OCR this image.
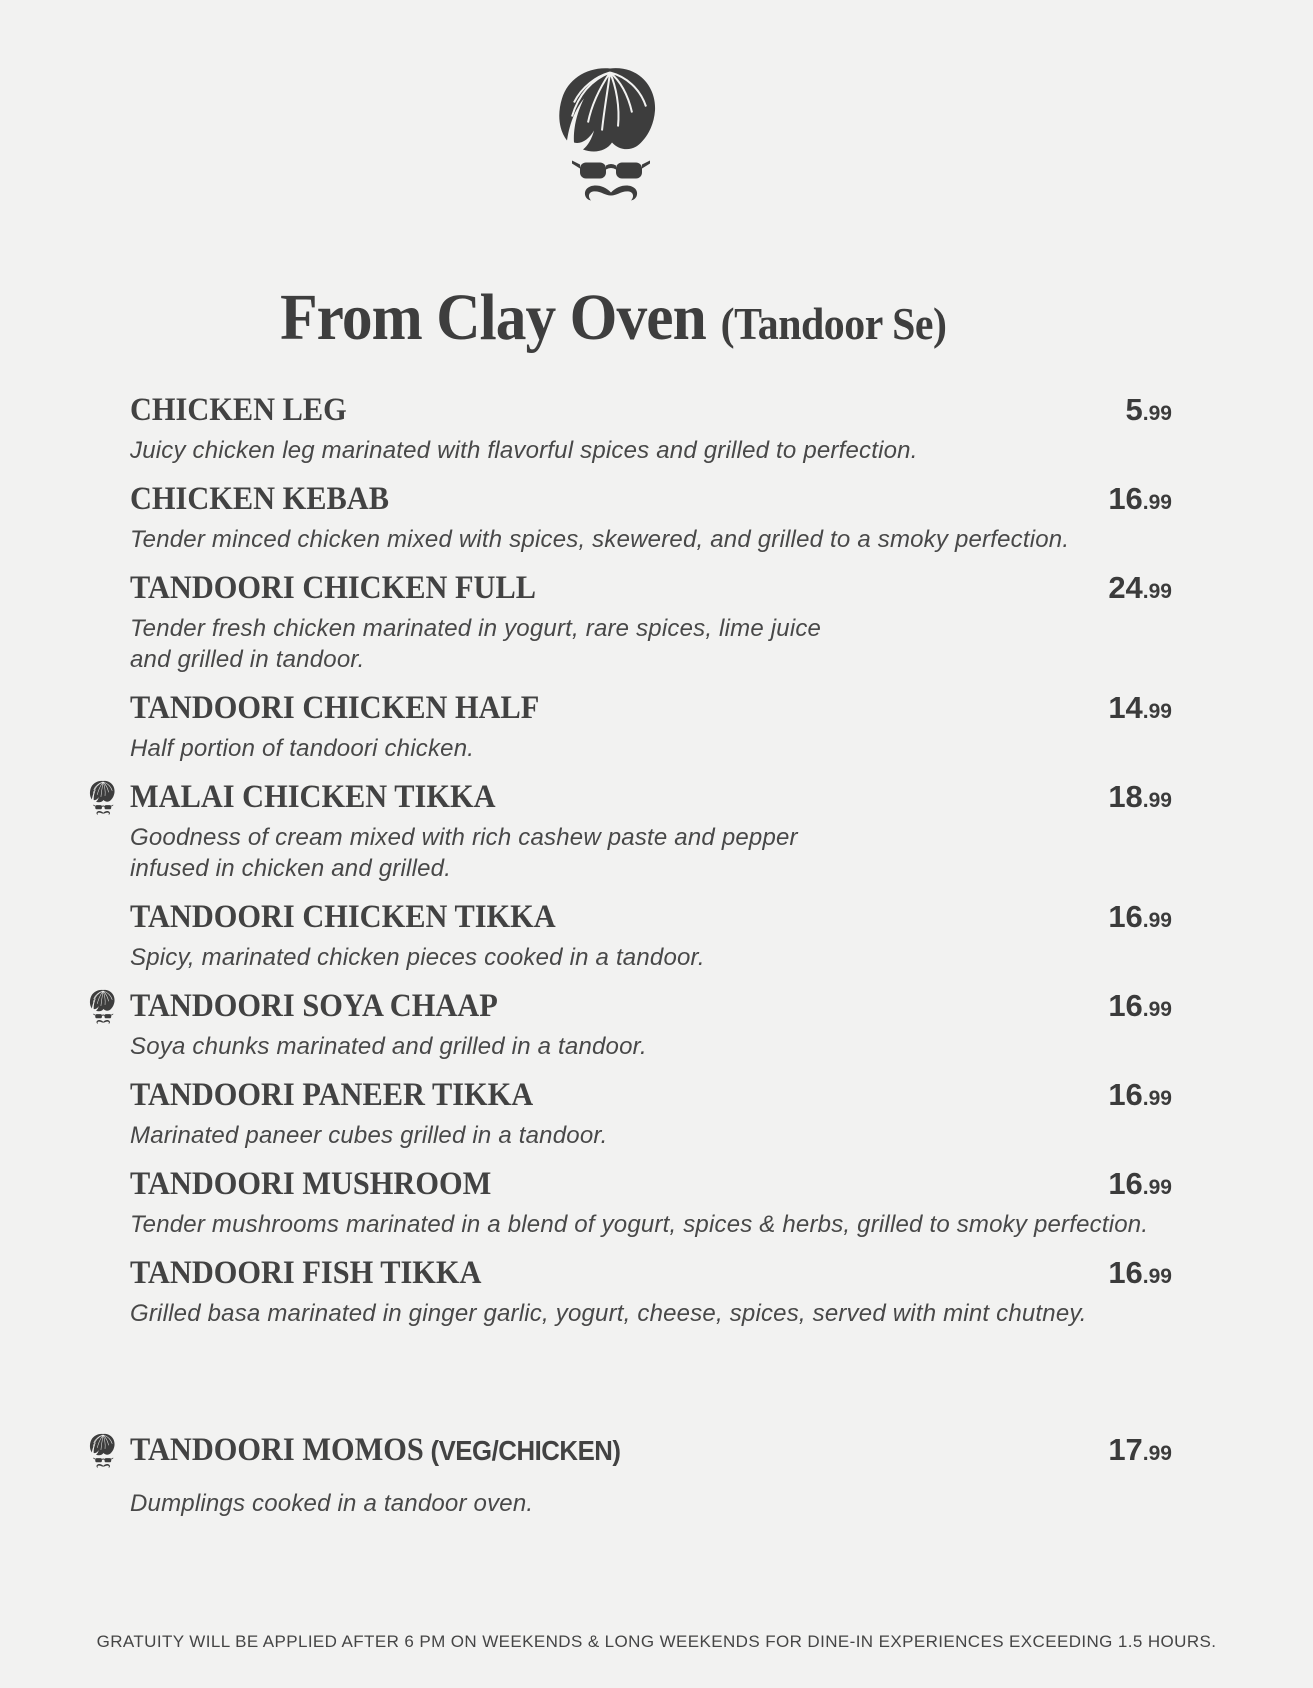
From Clay Oven (Tandoor Se)
CHICKEN LEG	5.99
Juicy chicken leg marinated with flavorful spices and grilled to perfection.
CHICKEN KEBAB	16.99
Tender minced chicken mixed with spices, skewered, and grilled to a smoky perfection.
TANDOORI CHICKEN FULL	24.99
Tender fresh chicken marinated in yogurt, rare spices, lime juice and grilled in tandoor.
TANDOORI CHICKEN HALF	14.99
Half portion of tandoori chicken.
MALAI CHICKEN TIKKA	18.99
Goodness of cream mixed with rich cashew paste and pepper infused in chicken and grilled.
TANDOORI CHICKEN TIKKA	16.99
Spicy, marinated chicken pieces cooked in a tandoor.
TANDOORI SOYA CHAAP	16.99
Soya chunks marinated and grilled in a tandoor.
TANDOORI PANEER TIKKA	16.99
Marinated paneer cubes grilled in a tandoor.
TANDOORI MUSHROOM	16.99
Tender mushrooms marinated in a blend of yogurt, spices & herbs, grilled to smoky perfection.
TANDOORI FISH TIKKA	16.99
Grilled basa marinated in ginger garlic, yogurt, cheese, spices, served with mint chutney.
TANDOORI MOMOS (VEG/CHICKEN)	17.99
Dumplings cooked in a tandoor oven.
GRATUITY WILL BE APPLIED AFTER 6 PM ON WEEKENDS & LONG WEEKENDS FOR DINE-IN EXPERIENCES EXCEEDING 1.5 HOURS.
